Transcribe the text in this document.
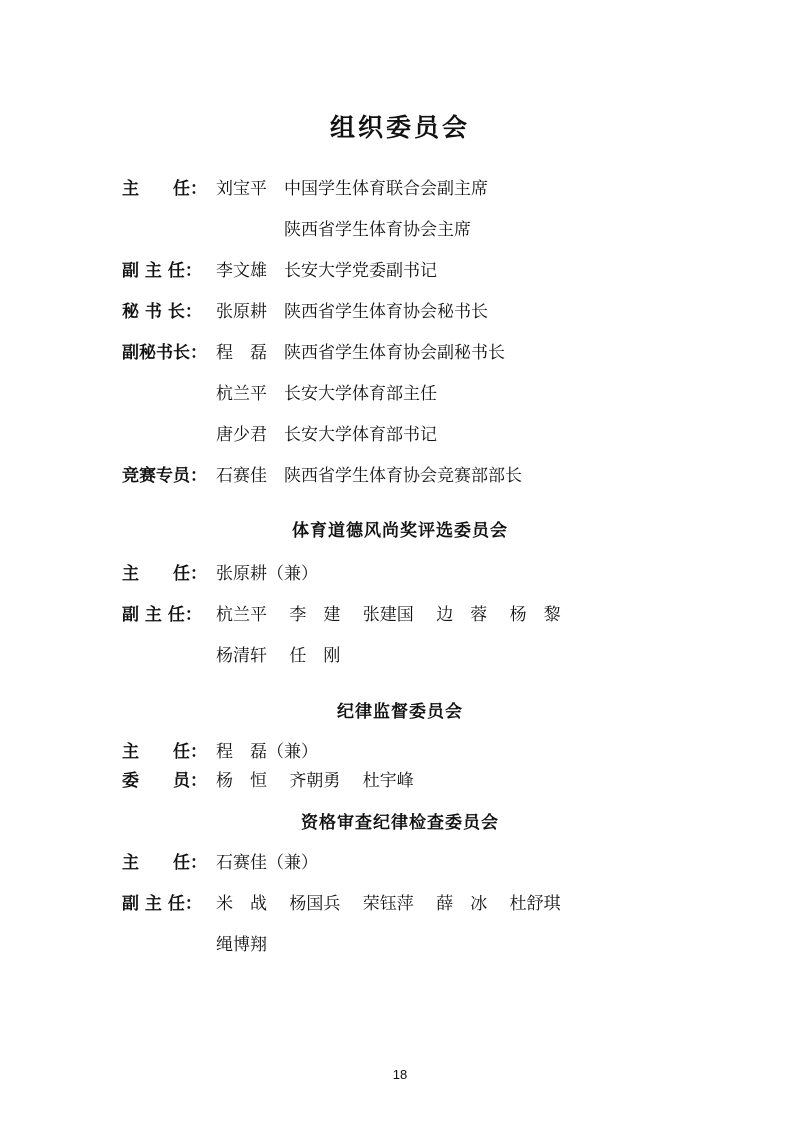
组织委员会
主　　任： 刘宝平　中国学生体育联合会副主席
　　　　陕西省学生体育协会主席
副 主 任： 李文雄　长安大学党委副书记
秘 书 长： 张原耕　陕西省学生体育协会秘书长
副秘书长： 程　磊　陕西省学生体育协会副秘书长
杭兰平　长安大学体育部主任
唐少君　长安大学体育部书记
竞赛专员： 石赛佳　陕西省学生体育协会竞赛部部长
体育道德风尚奖评选委员会
主　　任： 张原耕（兼）
副 主 任： 杭兰平　 李　建　 张建国　 边　蓉　 杨　黎
杨清轩　 任　刚
纪律监督委员会
主　　任： 程　磊（兼）
委　　员： 杨　恒　 齐朝勇　 杜宇峰
资格审查纪律检查委员会
主　　任： 石赛佳（兼）
副 主 任： 米　战　 杨国兵　 荣钰萍　 薛　冰　 杜舒琪
绳博翔
18
